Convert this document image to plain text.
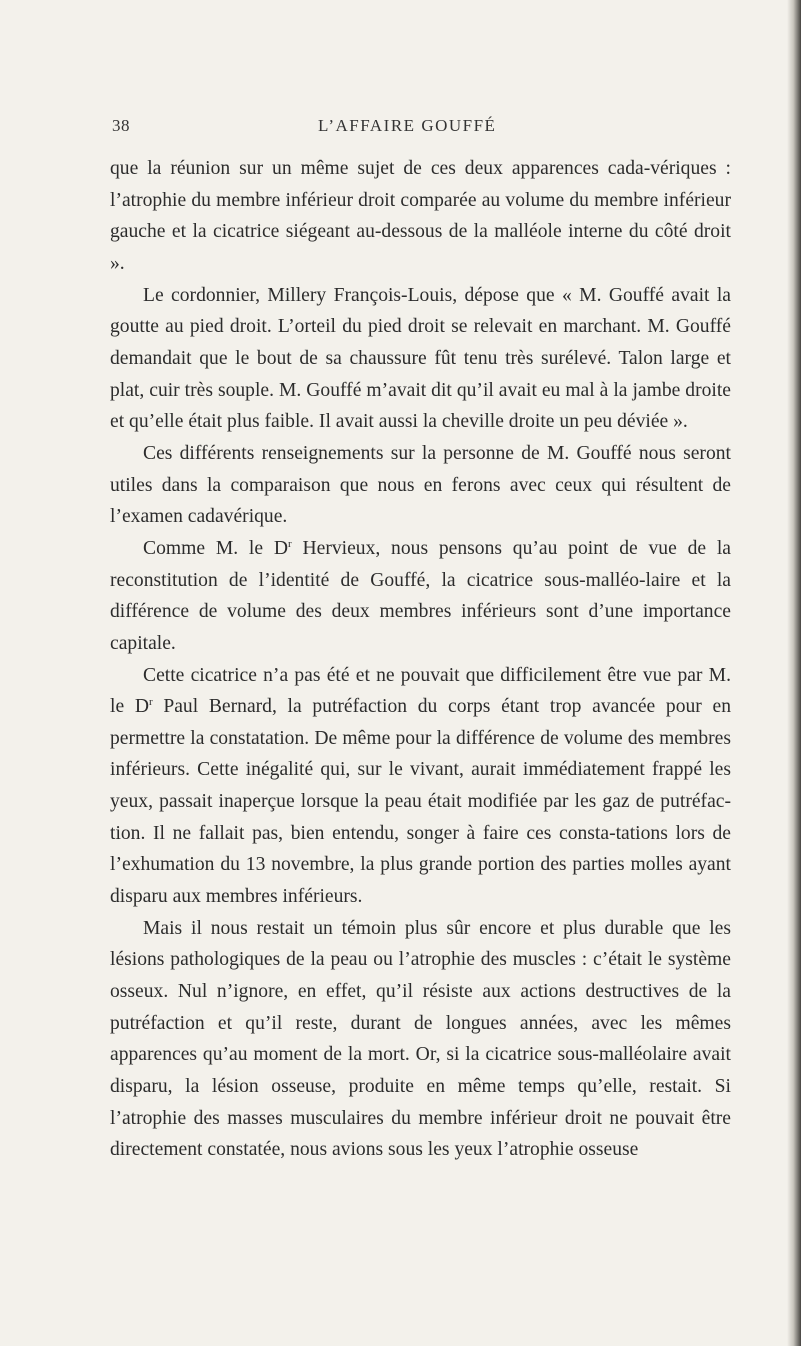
38	L’AFFAIRE GOUFFÉ

que la réunion sur un même sujet de ces deux apparences cada-vériques : l’atrophie du membre inférieur droit comparée au volume du membre inférieur gauche et la cicatrice siégeant au-dessous de la malléole interne du côté droit ».

Le cordonnier, Millery François-Louis, dépose que « M. Gouffé avait la goutte au pied droit. L’orteil du pied droit se relevait en marchant. M. Gouffé demandait que le bout de sa chaussure fût tenu très surélevé. Talon large et plat, cuir très souple. M. Gouffé m’avait dit qu’il avait eu mal à la jambe droite et qu’elle était plus faible. Il avait aussi la cheville droite un peu déviée ».

Ces différents renseignements sur la personne de M. Gouffé nous seront utiles dans la comparaison que nous en ferons avec ceux qui résultent de l’examen cadavérique.

Comme M. le $D^r$ Hervieux, nous pensons qu’au point de vue de la reconstitution de l’identité de Gouffé, la cicatrice sous-malléo-laire et la différence de volume des deux membres inférieurs sont d’une importance capitale.

Cette cicatrice n’a pas été et ne pouvait que difficilement être vue par M. le $D^r$ Paul Bernard, la putréfaction du corps étant trop avancée pour en permettre la constatation. De même pour la différence de volume des membres inférieurs. Cette inégalité qui, sur le vivant, aurait immédiatement frappé les yeux, passait inaperçue lorsque la peau était modifiée par les gaz de putréfac-tion. Il ne fallait pas, bien entendu, songer à faire ces consta-tations lors de l’exhumation du 13 novembre, la plus grande portion des parties molles ayant disparu aux membres inférieurs.

Mais il nous restait un témoin plus sûr encore et plus durable que les lésions pathologiques de la peau ou l’atrophie des muscles : c’était le système osseux. Nul n’ignore, en effet, qu’il résiste aux actions destructives de la putréfaction et qu’il reste, durant de longues années, avec les mêmes apparences qu’au moment de la mort. Or, si la cicatrice sous-malléolaire avait disparu, la lésion osseuse, produite en même temps qu’elle, restait. Si l’atrophie des masses musculaires du membre inférieur droit ne pouvait être directement constatée, nous avions sous les yeux l’atrophie osseuse
